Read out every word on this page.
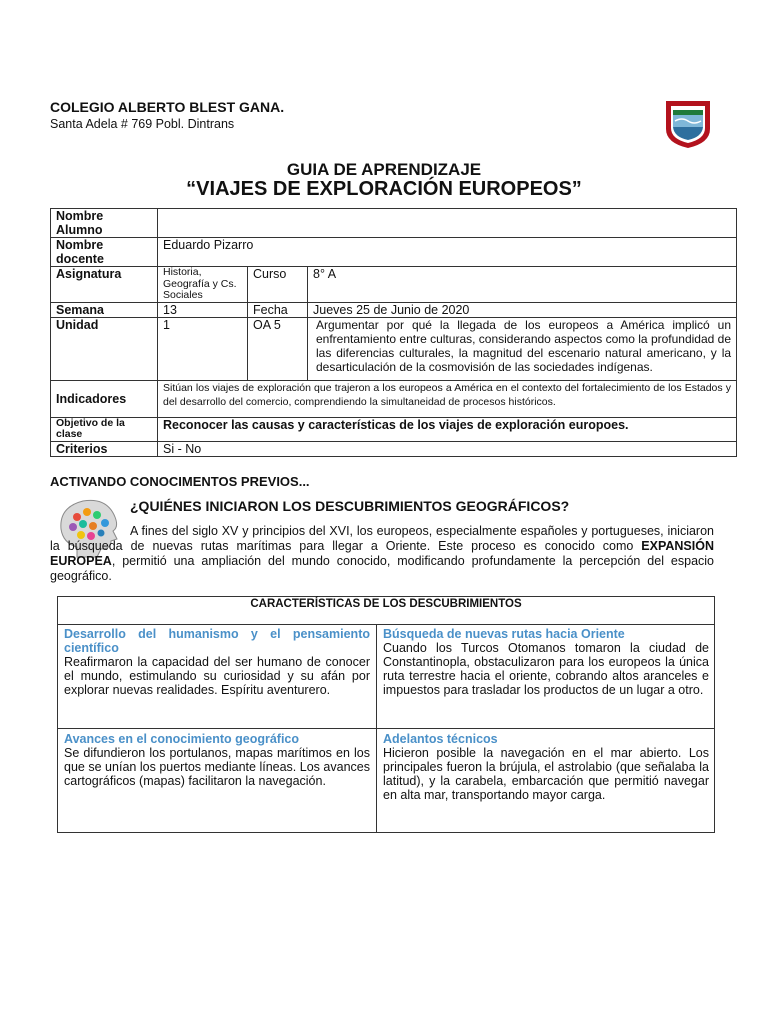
COLEGIO ALBERTO BLEST GANA.
Santa Adela # 769 Pobl. Dintrans
GUIA DE APRENDIZAJE
“VIAJES DE EXPLORACIÓN EUROPEOS”
Nombre Alumno			
Nombre docente	Eduardo Pizarro		
Asignatura	Historia, Geografía y Cs. Sociales	Curso	8° A
Semana	13	Fecha	Jueves 25 de Junio de 2020
Unidad	1	OA 5	Argumentar por qué la llegada de los europeos a América implicó un enfrentamiento entre culturas, considerando aspectos como la profundidad de las diferencias culturales, la magnitud del escenario natural americano, y la desarticulación de la cosmovisión de las sociedades indígenas.
Indicadores	Sitúan los viajes de exploración que trajeron a los europeos a América en el contexto del fortalecimiento de los Estados y del desarrollo del comercio, comprendiendo la simultaneidad de procesos históricos.		
Objetivo de la clase	Reconocer las causas y características de los viajes de exploración europoes.		
Criterios	Si - No		
ACTIVANDO CONOCIMENTOS PREVIOS...
¿QUIÉNES INICIARON LOS DESCUBRIMIENTOS GEOGRÁFICOS?

A fines del siglo XV y principios del XVI, los europeos, especialmente españoles y portugueses, iniciaron la búsqueda de nuevas rutas marítimas para llegar a Oriente. Este proceso es conocido como EXPANSIÓN EUROPEA, permitió una ampliación del mundo conocido, modificando profundamente la percepción del espacio geográfico.

CARACTERÍSTICAS DE LOS DESCUBRIMIENTOS
Desarrollo del humanismo y el pensamiento científico
Reafirmaron la capacidad del ser humano de conocer el mundo, estimulando su curiosidad y su afán por explorar nuevas realidades. Espíritu aventurero.
Búsqueda de nuevas rutas hacia Oriente
Cuando los Turcos Otomanos tomaron la ciudad de Constantinopla, obstaculizaron para los europeos la única ruta terrestre hacia el oriente, cobrando altos aranceles e impuestos para trasladar los productos de un lugar a otro.
Avances en el conocimiento geográfico
Se difundieron los portulanos, mapas marítimos en los que se unían los puertos mediante líneas. Los avances cartográficos (mapas) facilitaron la navegación.
Adelantos técnicos
Hicieron posible la navegación en el mar abierto. Los principales fueron la brújula, el astrolabio (que señalaba la latitud), y la carabela, embarcación que permitió navegar en alta mar, transportando mayor carga.
